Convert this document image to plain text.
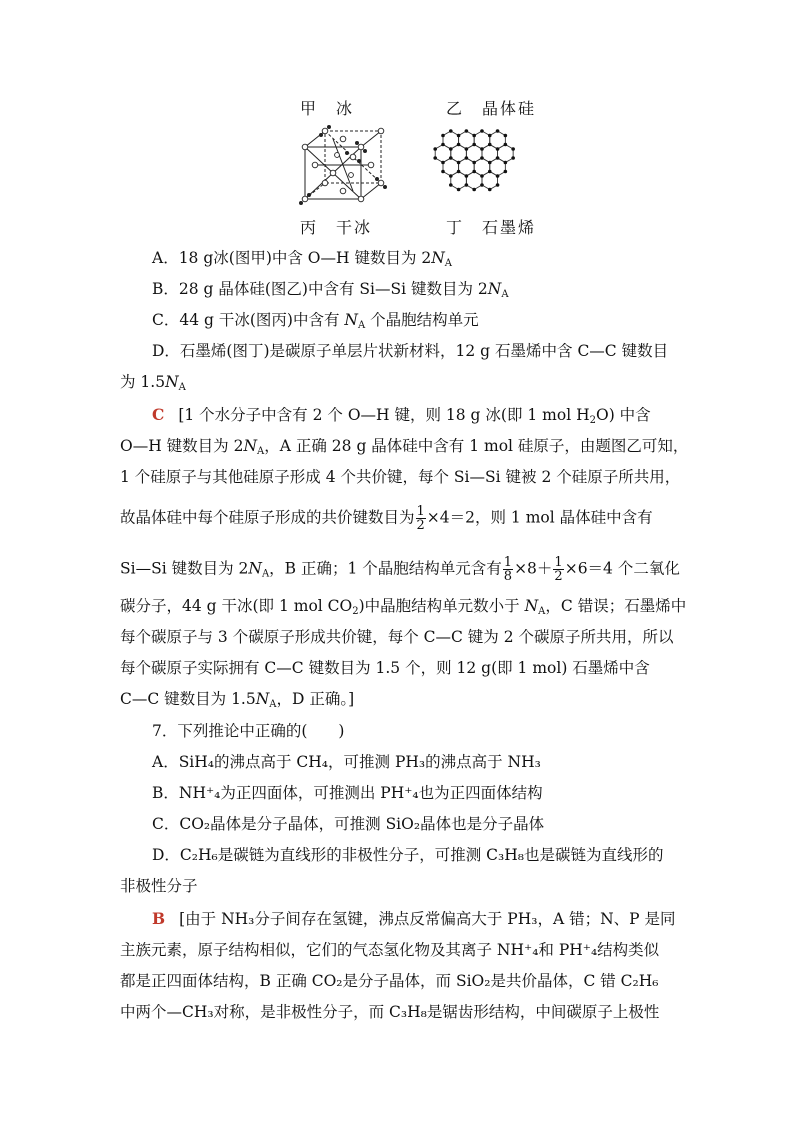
甲　冰	乙　晶体硅
丙　干冰	丁　石墨烯
A．18 g冰(图甲)中含 O—H 键数目为 $2N_A$
B．28 g 晶体硅(图乙)中含有 Si—Si 键数目为 $2N_A$
C．44 g 干冰(图丙)中含有 $N_A$ 个晶胞结构单元
D．石墨烯(图丁)是碳原子单层片状新材料，12 g 石墨烯中含 C—C 键数目
为 $1.5N_A$
C [1 个水分子中含有 2 个 O—H 键，则 18 g 冰(即 1 mol $H_2O$) 中含
O—H 键数目为 $2N_A$，A 正确 28 g 晶体硅中含有 1 mol 硅原子，由题图乙可知，
1 个硅原子与其他硅原子形成 4 个共价键，每个 Si—Si 键被 2 个硅原子所共用，
故晶体硅中每个硅原子形成的共价键数目为 $\frac{1}{2} \times 4=2$，则 1 mol 晶体硅中含有
Si—Si 键数目为 $2N_A$，B 正确；1 个晶胞结构单元含有 $\frac{1}{8} \times 8+ \frac{1}{2} \times 6=4$ 个二氧化
碳分子，44 g 干冰(即 1 mol $CO_2$)中晶胞结构单元数小于 $N_A$，C 错误；石墨烯中
每个碳原子与 3 个碳原子形成共价键，每个 C—C 键为 2 个碳原子所共用，所以
每个碳原子实际拥有 C—C 键数目为 1.5 个，则 12 g(即 1 mol) 石墨烯中含
C—C 键数目为 $1.5N_A$，D 正确。]
7．下列推论中正确的(　　)
A．SiH₄的沸点高于 CH₄，可推测 PH₃的沸点高于 NH₃
B．NH⁺₄为正四面体，可推测出 PH⁺₄也为正四面体结构
C．CO₂晶体是分子晶体，可推测 SiO₂晶体也是分子晶体
D．C₂H₆是碳链为直线形的非极性分子，可推测 C₃H₈也是碳链为直线形的
非极性分子
B [由于 NH₃分子间存在氢键，沸点反常偏高大于 PH₃，A 错；N、P 是同
主族元素，原子结构相似，它们的气态氢化物及其离子 NH⁺₄和 PH⁺₄结构类似
都是正四面体结构，B 正确 CO₂是分子晶体，而 SiO₂是共价晶体，C 错 C₂H₆
中两个—CH₃对称，是非极性分子，而 C₃H₈是锯齿形结构，中间碳原子上极性
